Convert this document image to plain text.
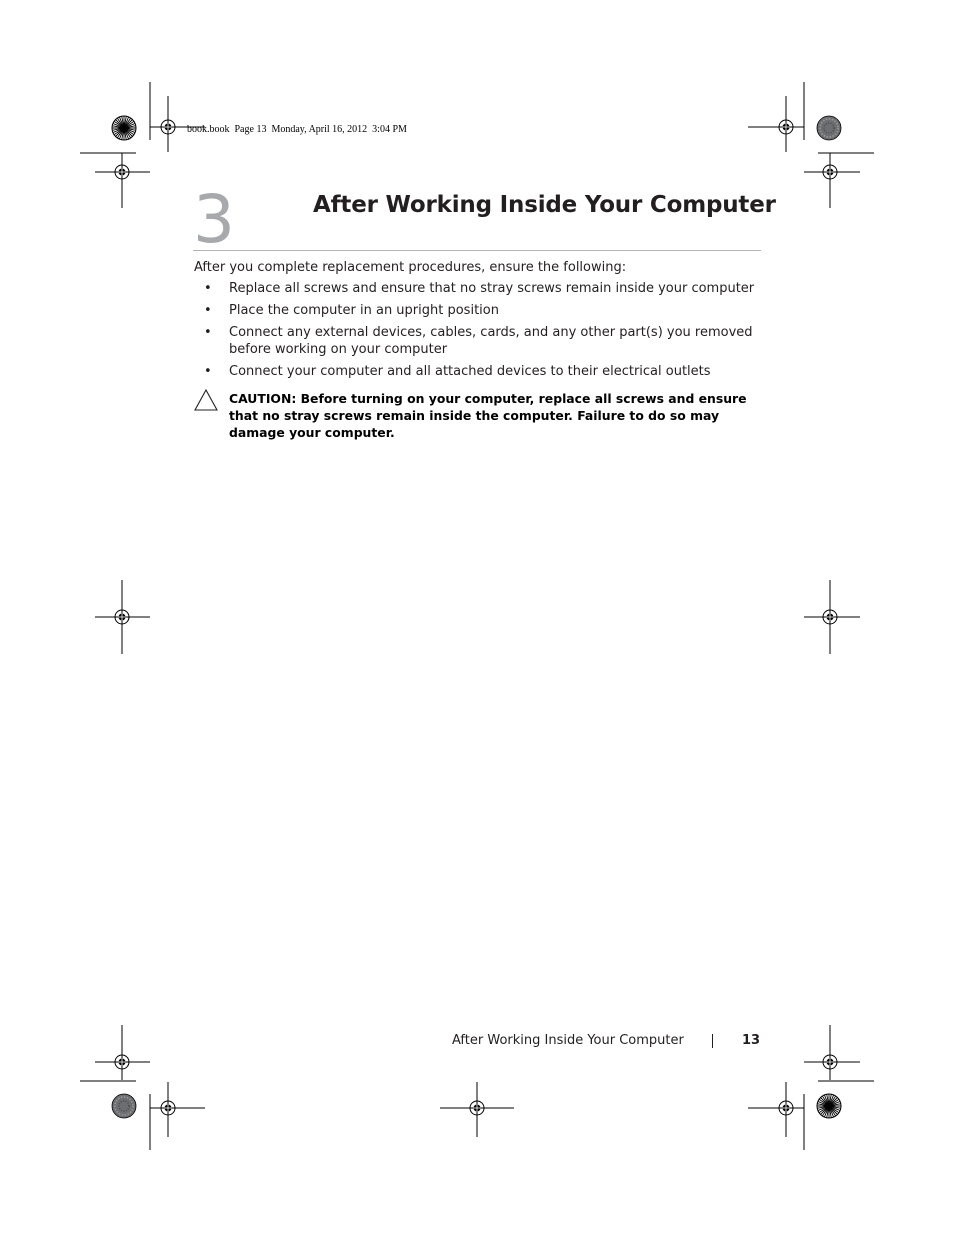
book.book  Page 13  Monday, April 16, 2012  3:04 PM
3	After Working Inside Your Computer

After you complete replacement procedures, ensure the following:

• Replace all screws and ensure that no stray screws remain inside your computer
• Place the computer in an upright position
• Connect any external devices, cables, cards, and any other part(s) you removed before working on your computer
• Connect your computer and all attached devices to their electrical outlets
CAUTION: Before turning on your computer, replace all screws and ensure that no stray screws remain inside the computer. Failure to do so may damage your computer.
After Working Inside Your Computer	13
